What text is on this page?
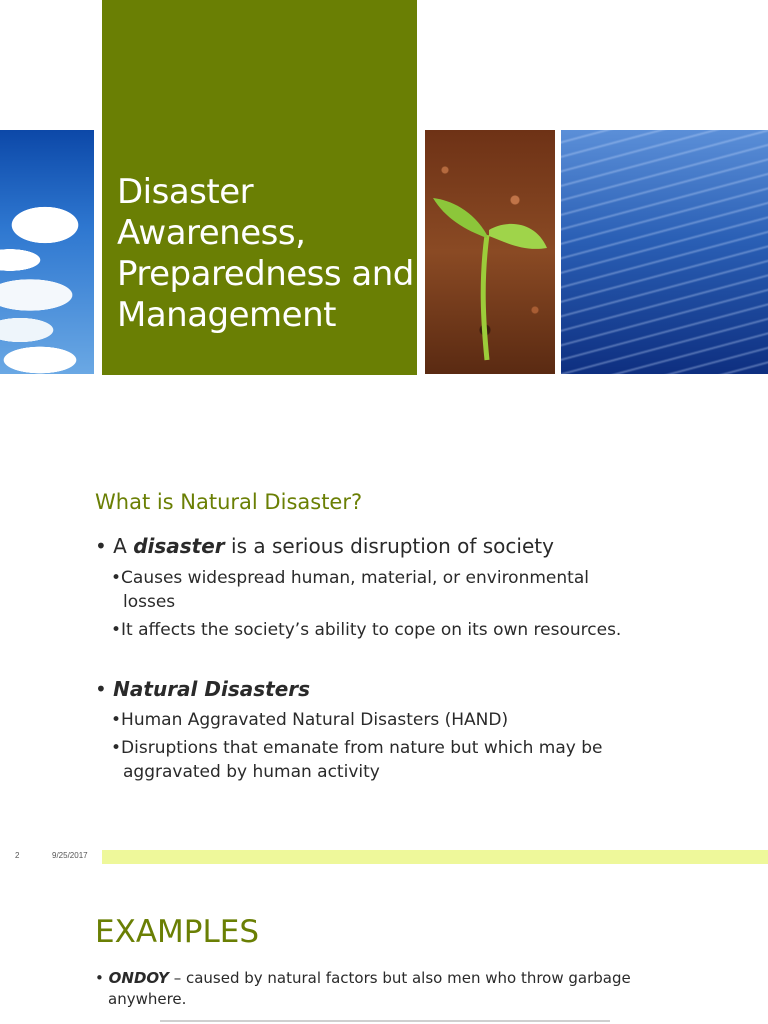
Disaster
Awareness,
Preparedness and
Management
What is Natural Disaster?
• A disaster is a serious disruption of society
•Causes widespread human, material, or environmental
losses
•It affects the society’s ability to cope on its own resources.
• Natural Disasters
•Human Aggravated Natural Disasters (HAND)
•Disruptions that emanate from nature but which may be
aggravated by human activity
2	9/25/2017
EXAMPLES
• ONDOY – caused by natural factors but also men who throw garbage
anywhere.
